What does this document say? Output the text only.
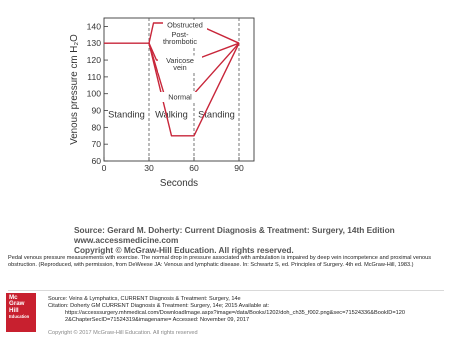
60
70
80
90
100
110
120
130
140
0	30	60	90
Seconds
Venous pressure cm H₂O	Standing Walking Standing
Obstructed
Post-
thrombotic
Varicose
vein
Normal
Source: Gerard M. Doherty: Current Diagnosis & Treatment: Surgery, 14th Edition
www.accessmedicine.com
Copyright © McGraw-Hill Education. All rights reserved.
Pedal venous pressure measurements with exercise. The normal drop in pressure associated with ambulation is impaired by deep vein incompetence and proximal venous obstruction. (Reproduced, with permission, from DeWeese JA: Venous and lymphatic disease. In: Schwartz S, ed. Principles of Surgery. 4th ed. McGraw-Hill, 1983.)
Mc
Graw
Hill
Education
Source: Veins & Lymphatics, CURRENT Diagnosis & Treatment: Surgery, 14e
Citation: Doherty GM CURRENT Diagnosis & Treatment: Surgery, 14e; 2015 Available at:
https://accesssurgery.mhmedical.com/DownloadImage.aspx?image=/data/Books/1202/doh_ch35_f002.png&sec=71524336&BookID=120
2&ChapterSecID=71524319&imagename= Accessed: November 09, 2017
Copyright © 2017 McGraw-Hill Education. All rights reserved
